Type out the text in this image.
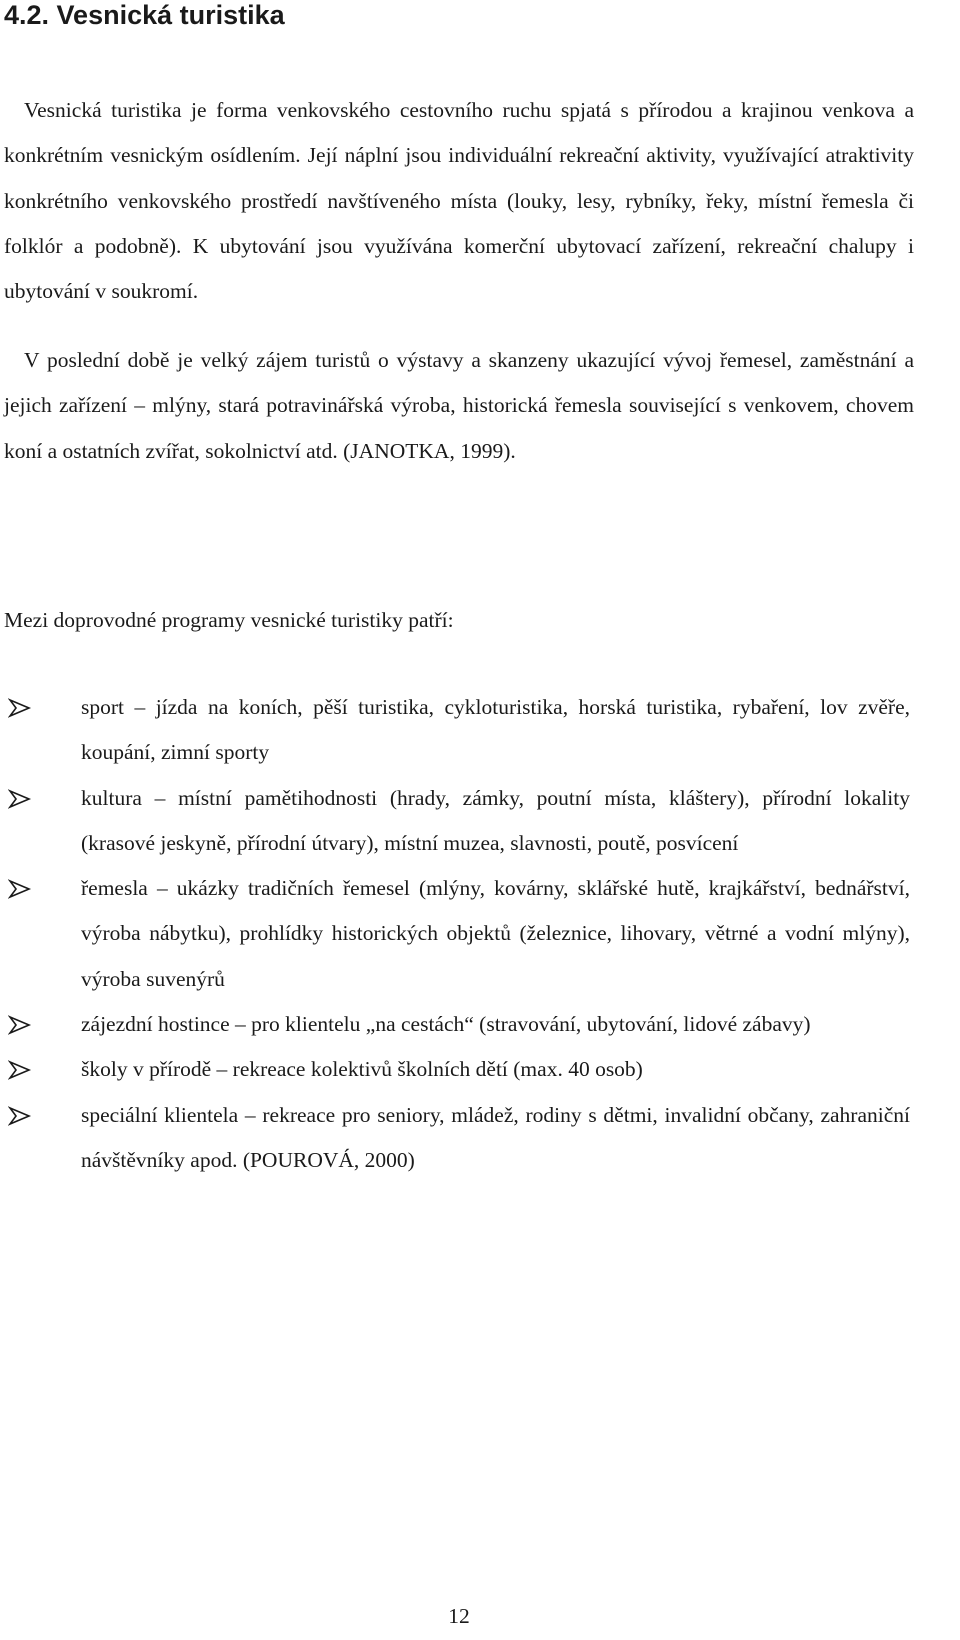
4.2. Vesnická turistika

Vesnická turistika je forma venkovského cestovního ruchu spjatá s přírodou a krajinou venkova a konkrétním vesnickým osídlením. Její náplní jsou individuální rekreační aktivity, využívající atraktivity konkrétního venkovského prostředí navštíveného místa (louky, lesy, rybníky, řeky, místní řemesla či folklór a podobně). K ubytování jsou využívána komerční ubytovací zařízení, rekreační chalupy i ubytování v soukromí.

V poslední době je velký zájem turistů o výstavy a skanzeny ukazující vývoj řemesel, zaměstnání a jejich zařízení – mlýny, stará potravinářská výroba, historická řemesla související s venkovem, chovem koní a ostatních zvířat, sokolnictví atd. (JANOTKA, 1999).

Mezi doprovodné programy vesnické turistiky patří:

sport – jízda na koních, pěší turistika, cykloturistika, horská turistika, rybaření, lov zvěře, koupání, zimní sporty
kultura – místní pamětihodnosti (hrady, zámky, poutní místa, kláštery), přírodní lokality (krasové jeskyně, přírodní útvary), místní muzea, slavnosti, poutě, posvícení
řemesla – ukázky tradičních řemesel (mlýny, kovárny, sklářské hutě, krajkářství, bednářství, výroba nábytku), prohlídky historických objektů (železnice, lihovary, větrné a vodní mlýny), výroba suvenýrů
zájezdní hostince – pro klientelu „na cestách“ (stravování, ubytování, lidové zábavy)
školy v přírodě – rekreace kolektivů školních dětí (max. 40 osob)
speciální klientela – rekreace pro seniory, mládež, rodiny s dětmi, invalidní občany, zahraniční návštěvníky apod. (POUROVÁ, 2000)

12
